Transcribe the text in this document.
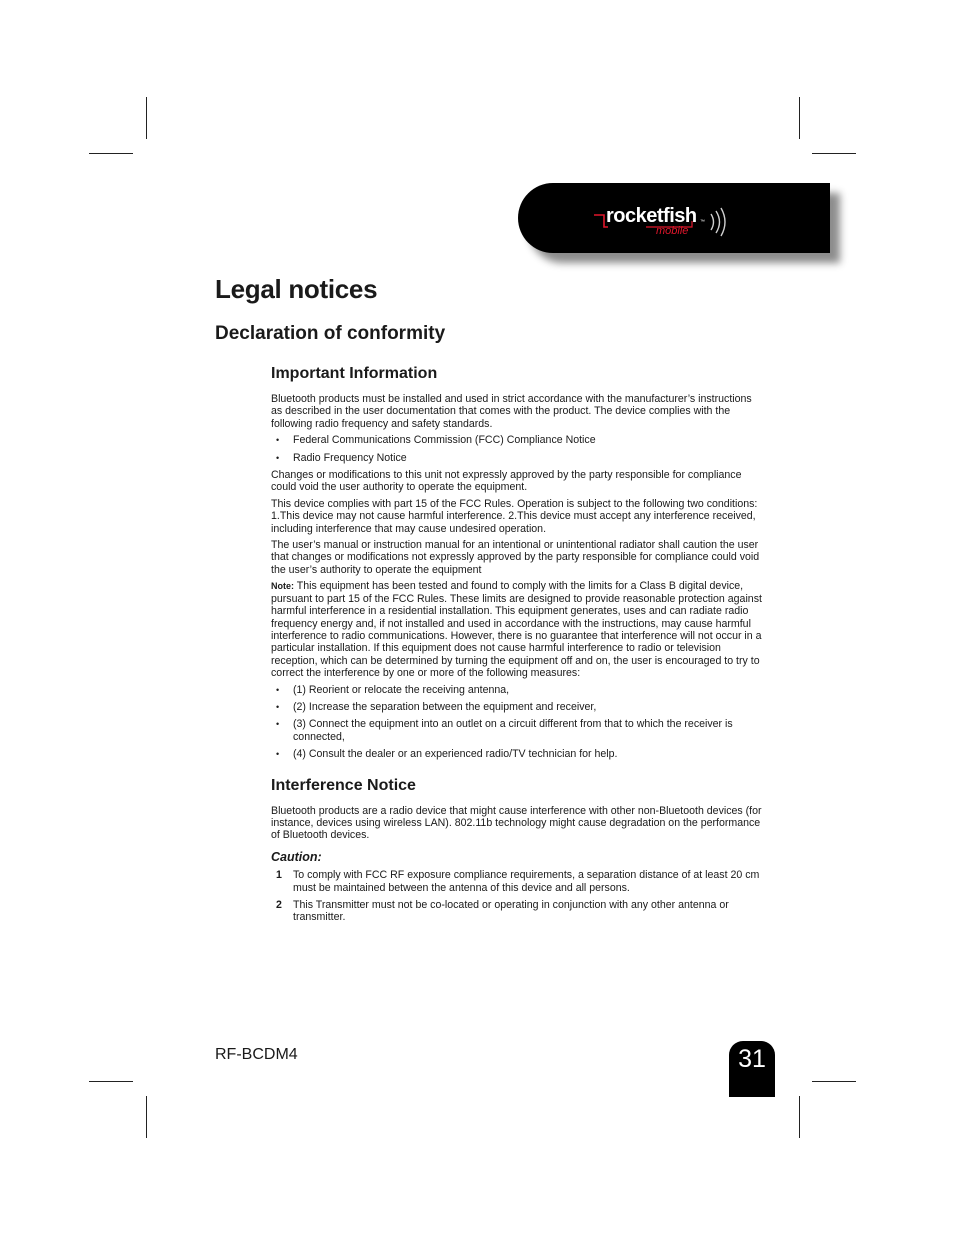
rocketfish ™
mobile
Legal notices
Declaration of conformity
Important Information

Bluetooth products must be installed and used in strict accordance with the manufacturer’s instructions as described in the user documentation that comes with the product. The device complies with the following radio frequency and safety standards.

• Federal Communications Commission (FCC) Compliance Notice
• Radio Frequency Notice

Changes or modifications to this unit not expressly approved by the party responsible for compliance could void the user authority to operate the equipment.

This device complies with part 15 of the FCC Rules. Operation is subject to the following two conditions: 1.This device may not cause harmful interference. 2.This device must accept any interference received, including interference that may cause undesired operation.

The user’s manual or instruction manual for an intentional or unintentional radiator shall caution the user that changes or modifications not expressly approved by the party responsible for compliance could void the user’s authority to operate the equipment

Note: This equipment has been tested and found to comply with the limits for a Class B digital device, pursuant to part 15 of the FCC Rules. These limits are designed to provide reasonable protection against harmful interference in a residential installation. This equipment generates, uses and can radiate radio frequency energy and, if not installed and used in accordance with the instructions, may cause harmful interference to radio communications. However, there is no guarantee that interference will not occur in a particular installation. If this equipment does not cause harmful interference to radio or television reception, which can be determined by turning the equipment off and on, the user is encouraged to try to correct the interference by one or more of the following measures:

• (1) Reorient or relocate the receiving antenna,
• (2) Increase the separation between the equipment and receiver,
• (3) Connect the equipment into an outlet on a circuit different from that to which the receiver is connected,
• (4) Consult the dealer or an experienced radio/TV technician for help.
Interference Notice

Bluetooth products are a radio device that might cause interference with other non-Bluetooth devices (for instance, devices using wireless LAN). 802.11b technology might cause degradation on the performance of Bluetooth devices.

Caution:
1 To comply with FCC RF exposure compliance requirements, a separation distance of at least 20 cm must be maintained between the antenna of this device and all persons.
2 This Transmitter must not be co-located or operating in conjunction with any other antenna or transmitter.
RF-BCDM4	31
